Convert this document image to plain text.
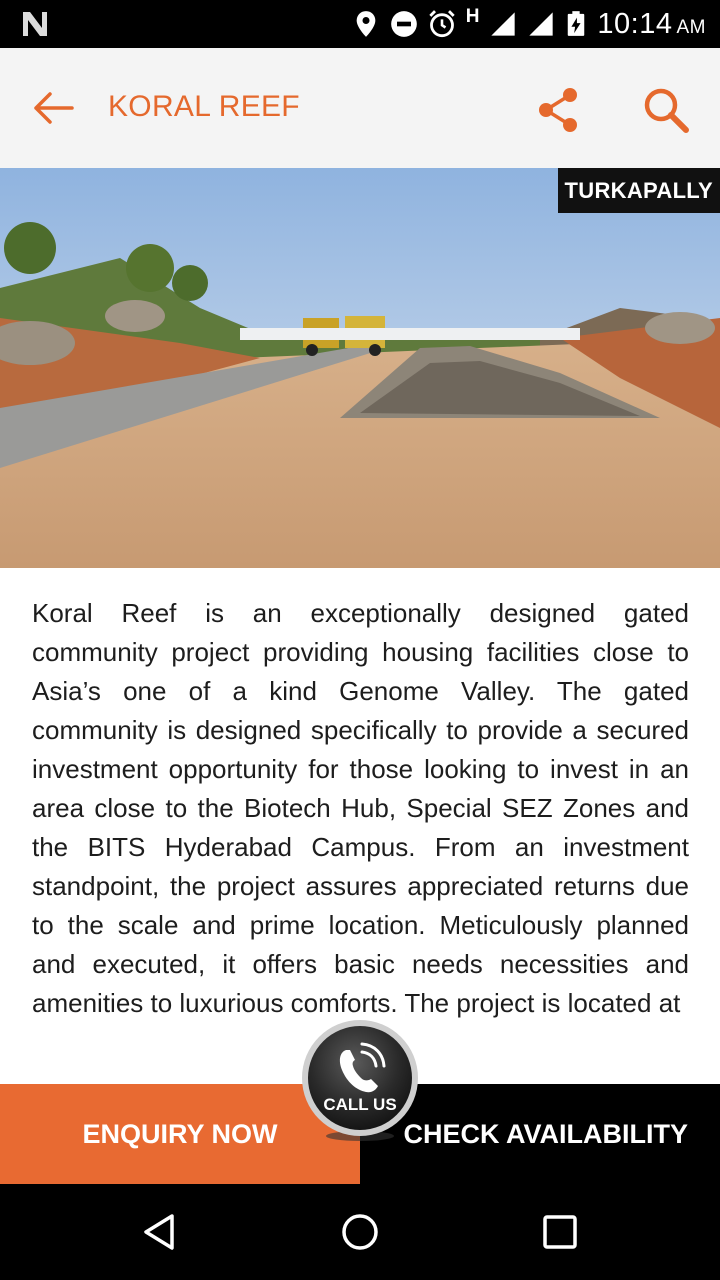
H	10:14 AM
KORAL REEF
TURKAPALLY
Koral Reef is an exceptionally designed gated community project providing housing facilities close to Asia’s one of a kind Genome Valley. The gated community is designed specifically to provide a secured investment opportunity for those looking to invest in an area close to the Biotech Hub, Special SEZ Zones and the BITS Hyderabad Campus. From an investment standpoint, the project assures appreciated returns due to the scale and prime location. Meticulously planned and executed, it offers basic needs necessities and amenities to luxurious comforts. The project is located at
ENQUIRY NOW	CHECK AVAILABILITY
CALL US
